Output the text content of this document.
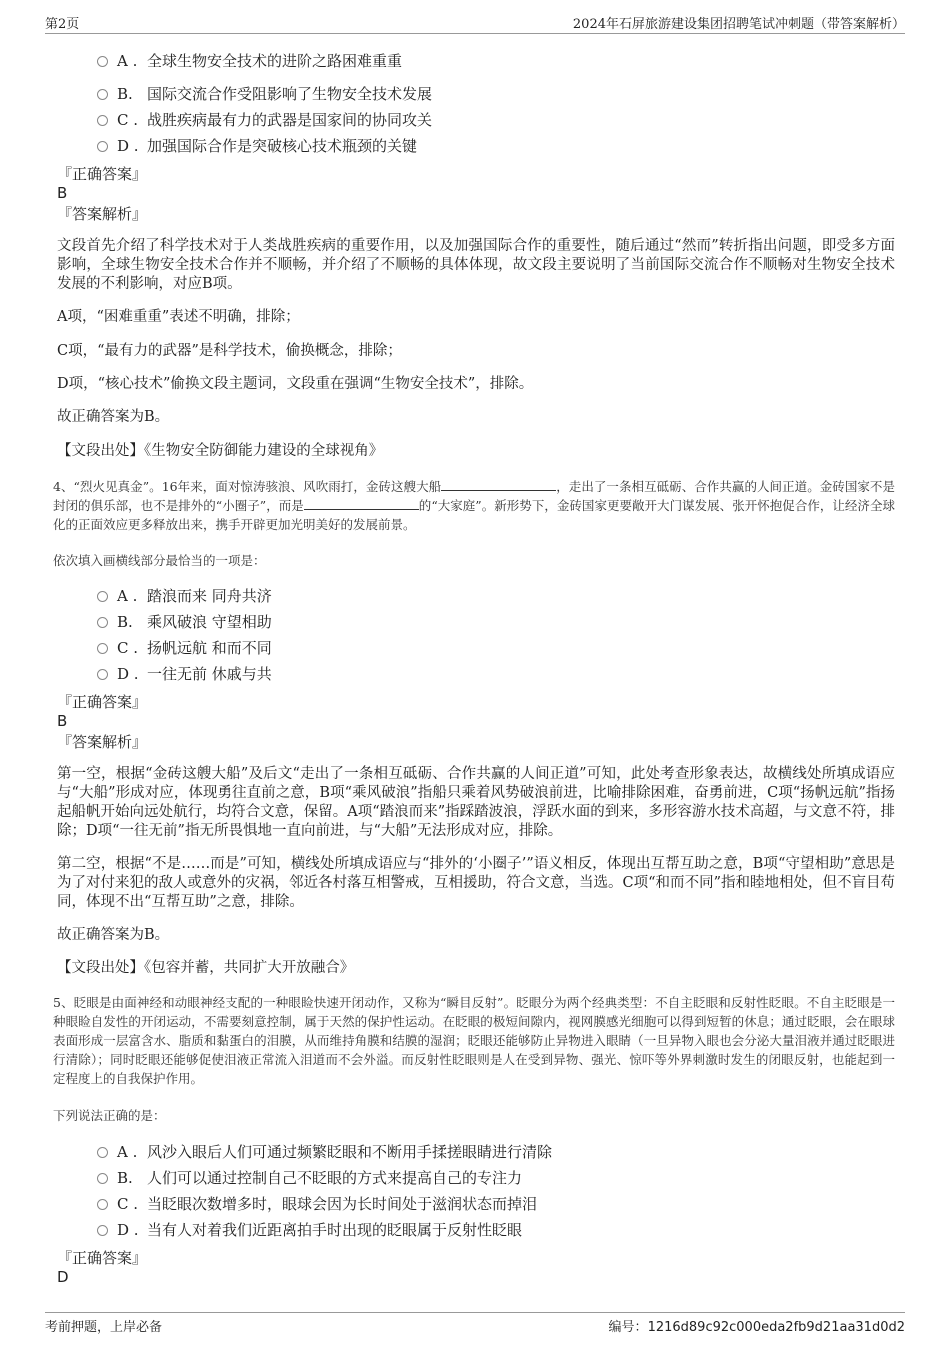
第2页	2024年石屏旅游建设集团招聘笔试冲刺题（带答案解析）
A . 全球生物安全技术的进阶之路困难重重
B. 国际交流合作受阻影响了生物安全技术发展
C . 战胜疾病最有力的武器是国家间的协同攻关
D . 加强国际合作是突破核心技术瓶颈的关键
『正确答案』
B
『答案解析』
文段首先介绍了科学技术对于人类战胜疾病的重要作用，以及加强国际合作的重要性，随后通过“然而”转折指出问题，即受多方面影响，全球生物安全技术合作并不顺畅，并介绍了不顺畅的具体体现，故文段主要说明了当前国际交流合作不顺畅对生物安全技术发展的不利影响，对应B项。
A项，“困难重重”表述不明确，排除；
C项，“最有力的武器”是科学技术，偷换概念，排除；
D项，“核心技术”偷换文段主题词，文段重在强调“生物安全技术”，排除。
故正确答案为B。
【文段出处】《生物安全防御能力建设的全球视角》
4、“烈火见真金”。16年来，面对惊涛骇浪、风吹雨打，金砖这艘大船	，走出了一条相互砥砺、合作共赢的人间正道。金砖国家不是封闭的俱乐部，也不是排外的“小圈子”，而是	的“大家庭”。新形势下，金砖国家更要敞开大门谋发展、张开怀抱促合作，让经济全球化的正面效应更多释放出来，携手开辟更加光明美好的发展前景。
依次填入画横线部分最恰当的一项是：
A . 踏浪而来 同舟共济
B. 乘风破浪 守望相助
C . 扬帆远航 和而不同
D . 一往无前 休戚与共
『正确答案』
B
『答案解析』
第一空，根据“金砖这艘大船”及后文“走出了一条相互砥砺、合作共赢的人间正道”可知，此处考查形象表达，故横线处所填成语应与“大船”形成对应，体现勇往直前之意，B项“乘风破浪”指船只乘着风势破浪前进，比喻排除困难，奋勇前进，C项“扬帆远航”指扬起船帆开始向远处航行，均符合文意，保留。A项“踏浪而来”指踩踏波浪，浮跃水面的到来，多形容游水技术高超，与文意不符，排除；D项“一往无前”指无所畏惧地一直向前进，与“大船”无法形成对应，排除。
第二空，根据“不是……而是”可知，横线处所填成语应与“排外的‘小圈子’”语义相反，体现出互帮互助之意，B项“守望相助”意思是为了对付来犯的敌人或意外的灾祸，邻近各村落互相警戒，互相援助，符合文意，当选。C项“和而不同”指和睦地相处，但不盲目苟同，体现不出“互帮互助”之意，排除。
故正确答案为B。
【文段出处】《包容并蓄，共同扩大开放融合》
5、眨眼是由面神经和动眼神经支配的一种眼睑快速开闭动作，又称为“瞬目反射”。眨眼分为两个经典类型：不自主眨眼和反射性眨眼。不自主眨眼是一种眼睑自发性的开闭运动，不需要刻意控制，属于天然的保护性运动。在眨眼的极短间隙内，视网膜感光细胞可以得到短暂的休息；通过眨眼，会在眼球表面形成一层富含水、脂质和黏蛋白的泪膜，从而维持角膜和结膜的湿润；眨眼还能够防止异物进入眼睛（一旦异物入眼也会分泌大量泪液并通过眨眼进行清除）；同时眨眼还能够促使泪液正常流入泪道而不会外溢。而反射性眨眼则是人在受到异物、强光、惊吓等外界刺激时发生的闭眼反射，也能起到一定程度上的自我保护作用。
下列说法正确的是：
A . 风沙入眼后人们可通过频繁眨眼和不断用手揉搓眼睛进行清除
B. 人们可以通过控制自己不眨眼的方式来提高自己的专注力
C . 当眨眼次数增多时，眼球会因为长时间处于滋润状态而掉泪
D . 当有人对着我们近距离拍手时出现的眨眼属于反射性眨眼
『正确答案』
D
考前押题，上岸必备	编号：1216d89c92c000eda2fb9d21aa31d0d2
